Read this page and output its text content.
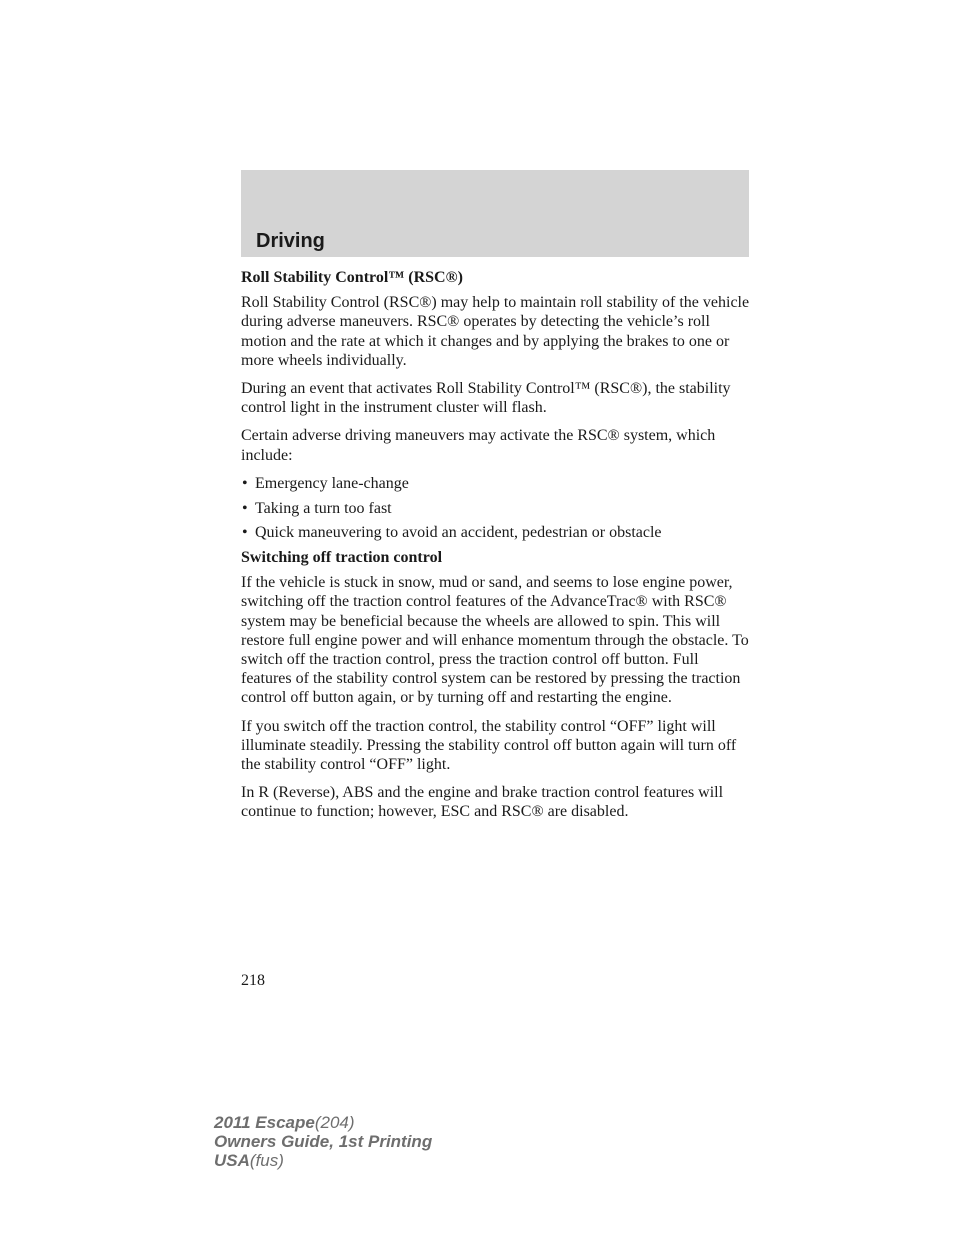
Driving
Roll Stability Control™ (RSC®)

Roll Stability Control (RSC®) may help to maintain roll stability of the vehicle during adverse maneuvers. RSC® operates by detecting the vehicle’s roll motion and the rate at which it changes and by applying the brakes to one or more wheels individually.

During an event that activates Roll Stability Control™ (RSC®), the stability control light in the instrument cluster will flash.

Certain adverse driving maneuvers may activate the RSC® system, which include:

• Emergency lane-change
• Taking a turn too fast
• Quick maneuvering to avoid an accident, pedestrian or obstacle
Switching off traction control

If the vehicle is stuck in snow, mud or sand, and seems to lose engine power, switching off the traction control features of the AdvanceTrac® with RSC® system may be beneficial because the wheels are allowed to spin. This will restore full engine power and will enhance momentum through the obstacle. To switch off the traction control, press the traction control off button. Full features of the stability control system can be restored by pressing the traction control off button again, or by turning off and restarting the engine.

If you switch off the traction control, the stability control “OFF” light will illuminate steadily. Pressing the stability control off button again will turn off the stability control “OFF” light.

In R (Reverse), ABS and the engine and brake traction control features will continue to function; however, ESC and RSC® are disabled.

218
2011 Escape(204)
Owners Guide, 1st Printing
USA(fus)
